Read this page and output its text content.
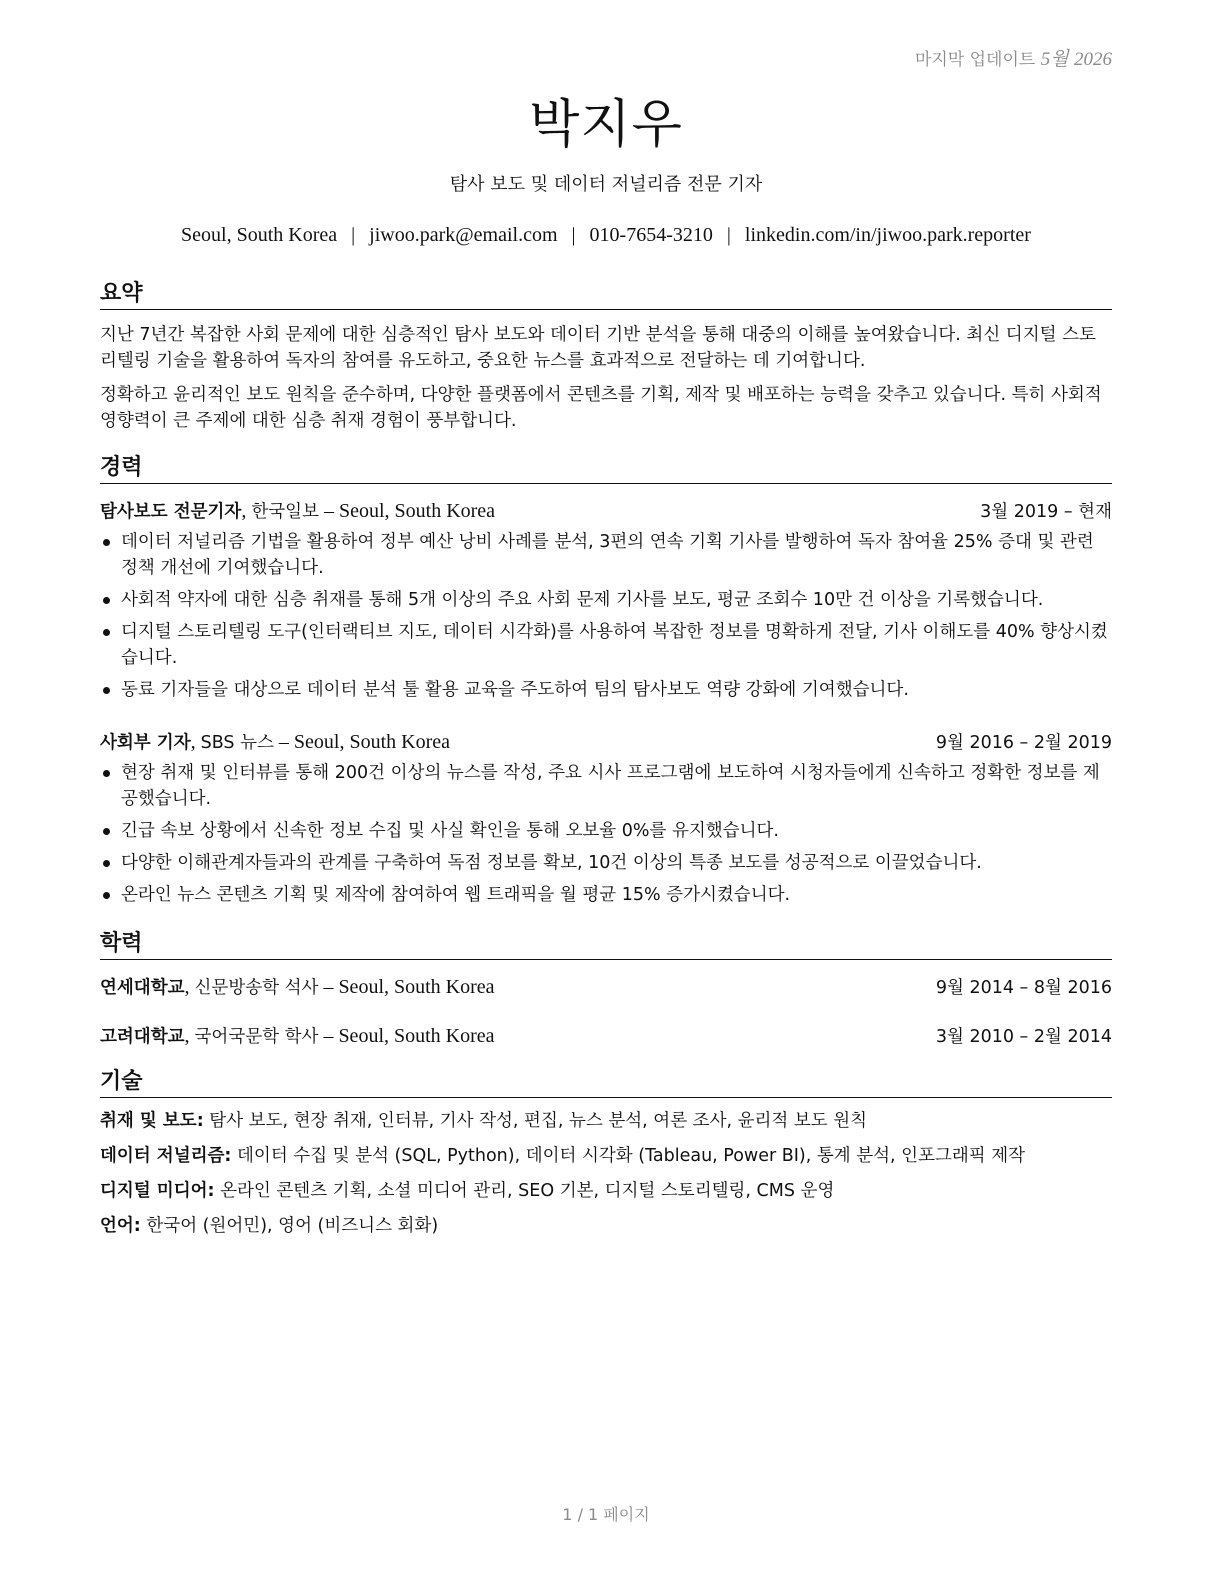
마지막 업데이트 5월 2026
박지우
탐사 보도 및 데이터 저널리즘 전문 기자
Seoul, South Korea | jiwoo.park@email.com | 010-7654-3210 | linkedin.com/in/jiwoo.park.reporter
요약

지난 7년간 복잡한 사회 문제에 대한 심층적인 탐사 보도와 데이터 기반 분석을 통해 대중의 이해를 높여왔습니다. 최신 디지털 스토리텔링 기술을 활용하여 독자의 참여를 유도하고, 중요한 뉴스를 효과적으로 전달하는 데 기여합니다.

정확하고 윤리적인 보도 원칙을 준수하며, 다양한 플랫폼에서 콘텐츠를 기획, 제작 및 배포하는 능력을 갖추고 있습니다. 특히 사회적 영향력이 큰 주제에 대한 심층 취재 경험이 풍부합니다.

경력
탐사보도 전문기자, 한국일보 – Seoul, South Korea	3월 2019 – 현재
데이터 저널리즘 기법을 활용하여 정부 예산 낭비 사례를 분석, 3편의 연속 기획 기사를 발행하여 독자 참여율 25% 증대 및 관련 정책 개선에 기여했습니다.
사회적 약자에 대한 심층 취재를 통해 5개 이상의 주요 사회 문제 기사를 보도, 평균 조회수 10만 건 이상을 기록했습니다.
디지털 스토리텔링 도구(인터랙티브 지도, 데이터 시각화)를 사용하여 복잡한 정보를 명확하게 전달, 기사 이해도를 40% 향상시켰습니다.
동료 기자들을 대상으로 데이터 분석 툴 활용 교육을 주도하여 팀의 탐사보도 역량 강화에 기여했습니다.
사회부 기자, SBS 뉴스 – Seoul, South Korea	9월 2016 – 2월 2019
현장 취재 및 인터뷰를 통해 200건 이상의 뉴스를 작성, 주요 시사 프로그램에 보도하여 시청자들에게 신속하고 정확한 정보를 제공했습니다.
긴급 속보 상황에서 신속한 정보 수집 및 사실 확인을 통해 오보율 0%를 유지했습니다.
다양한 이해관계자들과의 관계를 구축하여 독점 정보를 확보, 10건 이상의 특종 보도를 성공적으로 이끌었습니다.
온라인 뉴스 콘텐츠 기획 및 제작에 참여하여 웹 트래픽을 월 평균 15% 증가시켰습니다.
학력
연세대학교, 신문방송학 석사 – Seoul, South Korea	9월 2014 – 8월 2016
고려대학교, 국어국문학 학사 – Seoul, South Korea	3월 2010 – 2월 2014
기술
취재 및 보도: 탐사 보도, 현장 취재, 인터뷰, 기사 작성, 편집, 뉴스 분석, 여론 조사, 윤리적 보도 원칙
데이터 저널리즘: 데이터 수집 및 분석 (SQL, Python), 데이터 시각화 (Tableau, Power BI), 통계 분석, 인포그래픽 제작
디지털 미디어: 온라인 콘텐츠 기획, 소셜 미디어 관리, SEO 기본, 디지털 스토리텔링, CMS 운영
언어: 한국어 (원어민), 영어 (비즈니스 회화)
1 / 1 페이지
